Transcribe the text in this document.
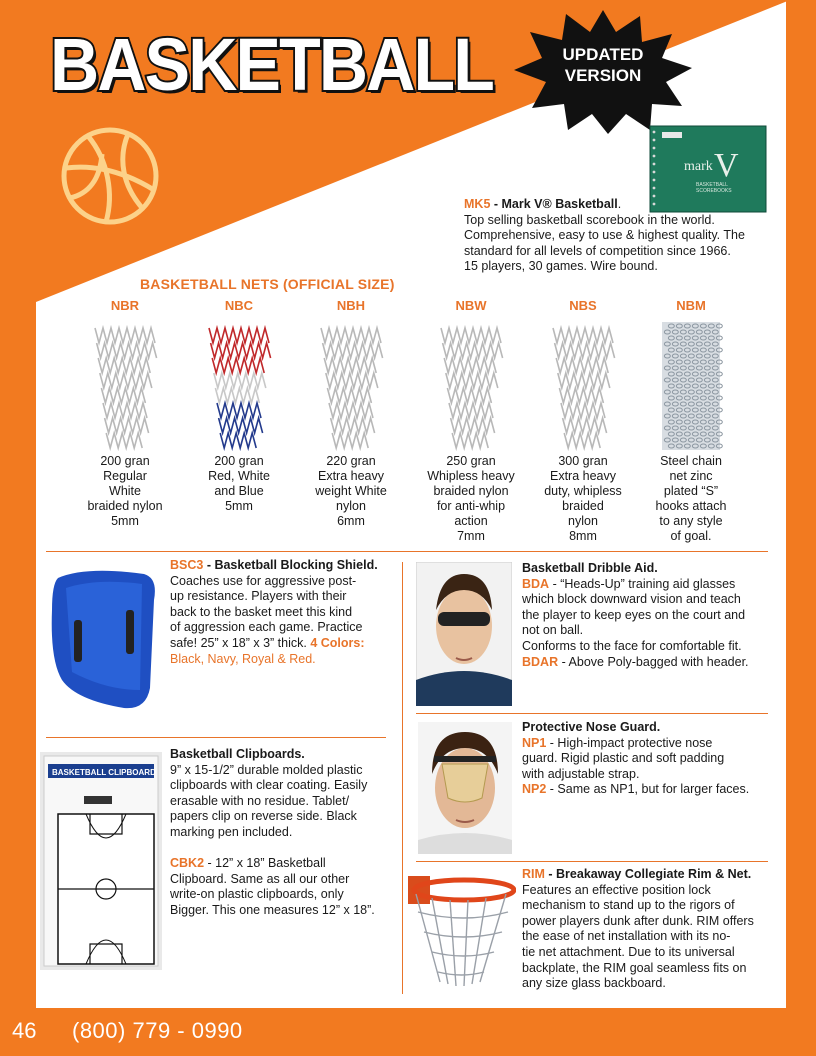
BASKETBALL	UPDATED
VERSION
mark V
BASKETBALL
SCOREBOOKS
MK5 - Mark V® Basketball.
Top selling basketball scorebook in the world.
Comprehensive, easy to use & highest quality. The
standard for all levels of competition since 1966.
15 players, 30 games. Wire bound.
BASKETBALL NETS (OFFICIAL SIZE)
NBR
200 gran
Regular
White
braided nylon
5mm
NBC
200 gran
Red, White
and Blue
5mm
NBH
220 gran
Extra heavy
weight White
nylon
6mm
NBW
250 gran
Whipless heavy
braided nylon
for anti-whip
action
7mm
NBS
300 gran
Extra heavy
duty, whipless
braided
nylon
8mm
NBM
Steel chain
net zinc
plated “S”
hooks attach
to any style
of goal.
BSC3 - Basketball Blocking Shield.
Coaches use for aggressive post-
up resistance. Players with their
back to the basket meet this kind
of aggression each game. Practice
safe! 25” x 18” x 3” thick. 4 Colors:
Black, Navy, Royal & Red.
BASKETBALL CLIPBOARD
Basketball Clipboards.
9” x 15-1/2” durable molded plastic
clipboards with clear coating. Easily
erasable with no residue. Tablet/
papers clip on reverse side. Black
marking pen included.
CBK2 - 12” x 18” Basketball
Clipboard. Same as all our other
write-on plastic clipboards, only
Bigger. This one measures 12” x 18”.
Basketball Dribble Aid.
BDA - “Heads-Up” training aid glasses
which block downward vision and teach
the player to keep eyes on the court and
not on ball.
Conforms to the face for comfortable fit.
BDAR - Above Poly-bagged with header.
Protective Nose Guard.
NP1 - High-impact protective nose
guard. Rigid plastic and soft padding
with adjustable strap.
NP2 - Same as NP1, but for larger faces.
RIM - Breakaway Collegiate Rim & Net.
Features an effective position lock
mechanism to stand up to the rigors of
power players dunk after dunk. RIM offers
the ease of net installation with its no-
tie net attachment. Due to its universal
backplate, the RIM goal seamless fits on
any size glass backboard.
46 (800) 779 - 0990
